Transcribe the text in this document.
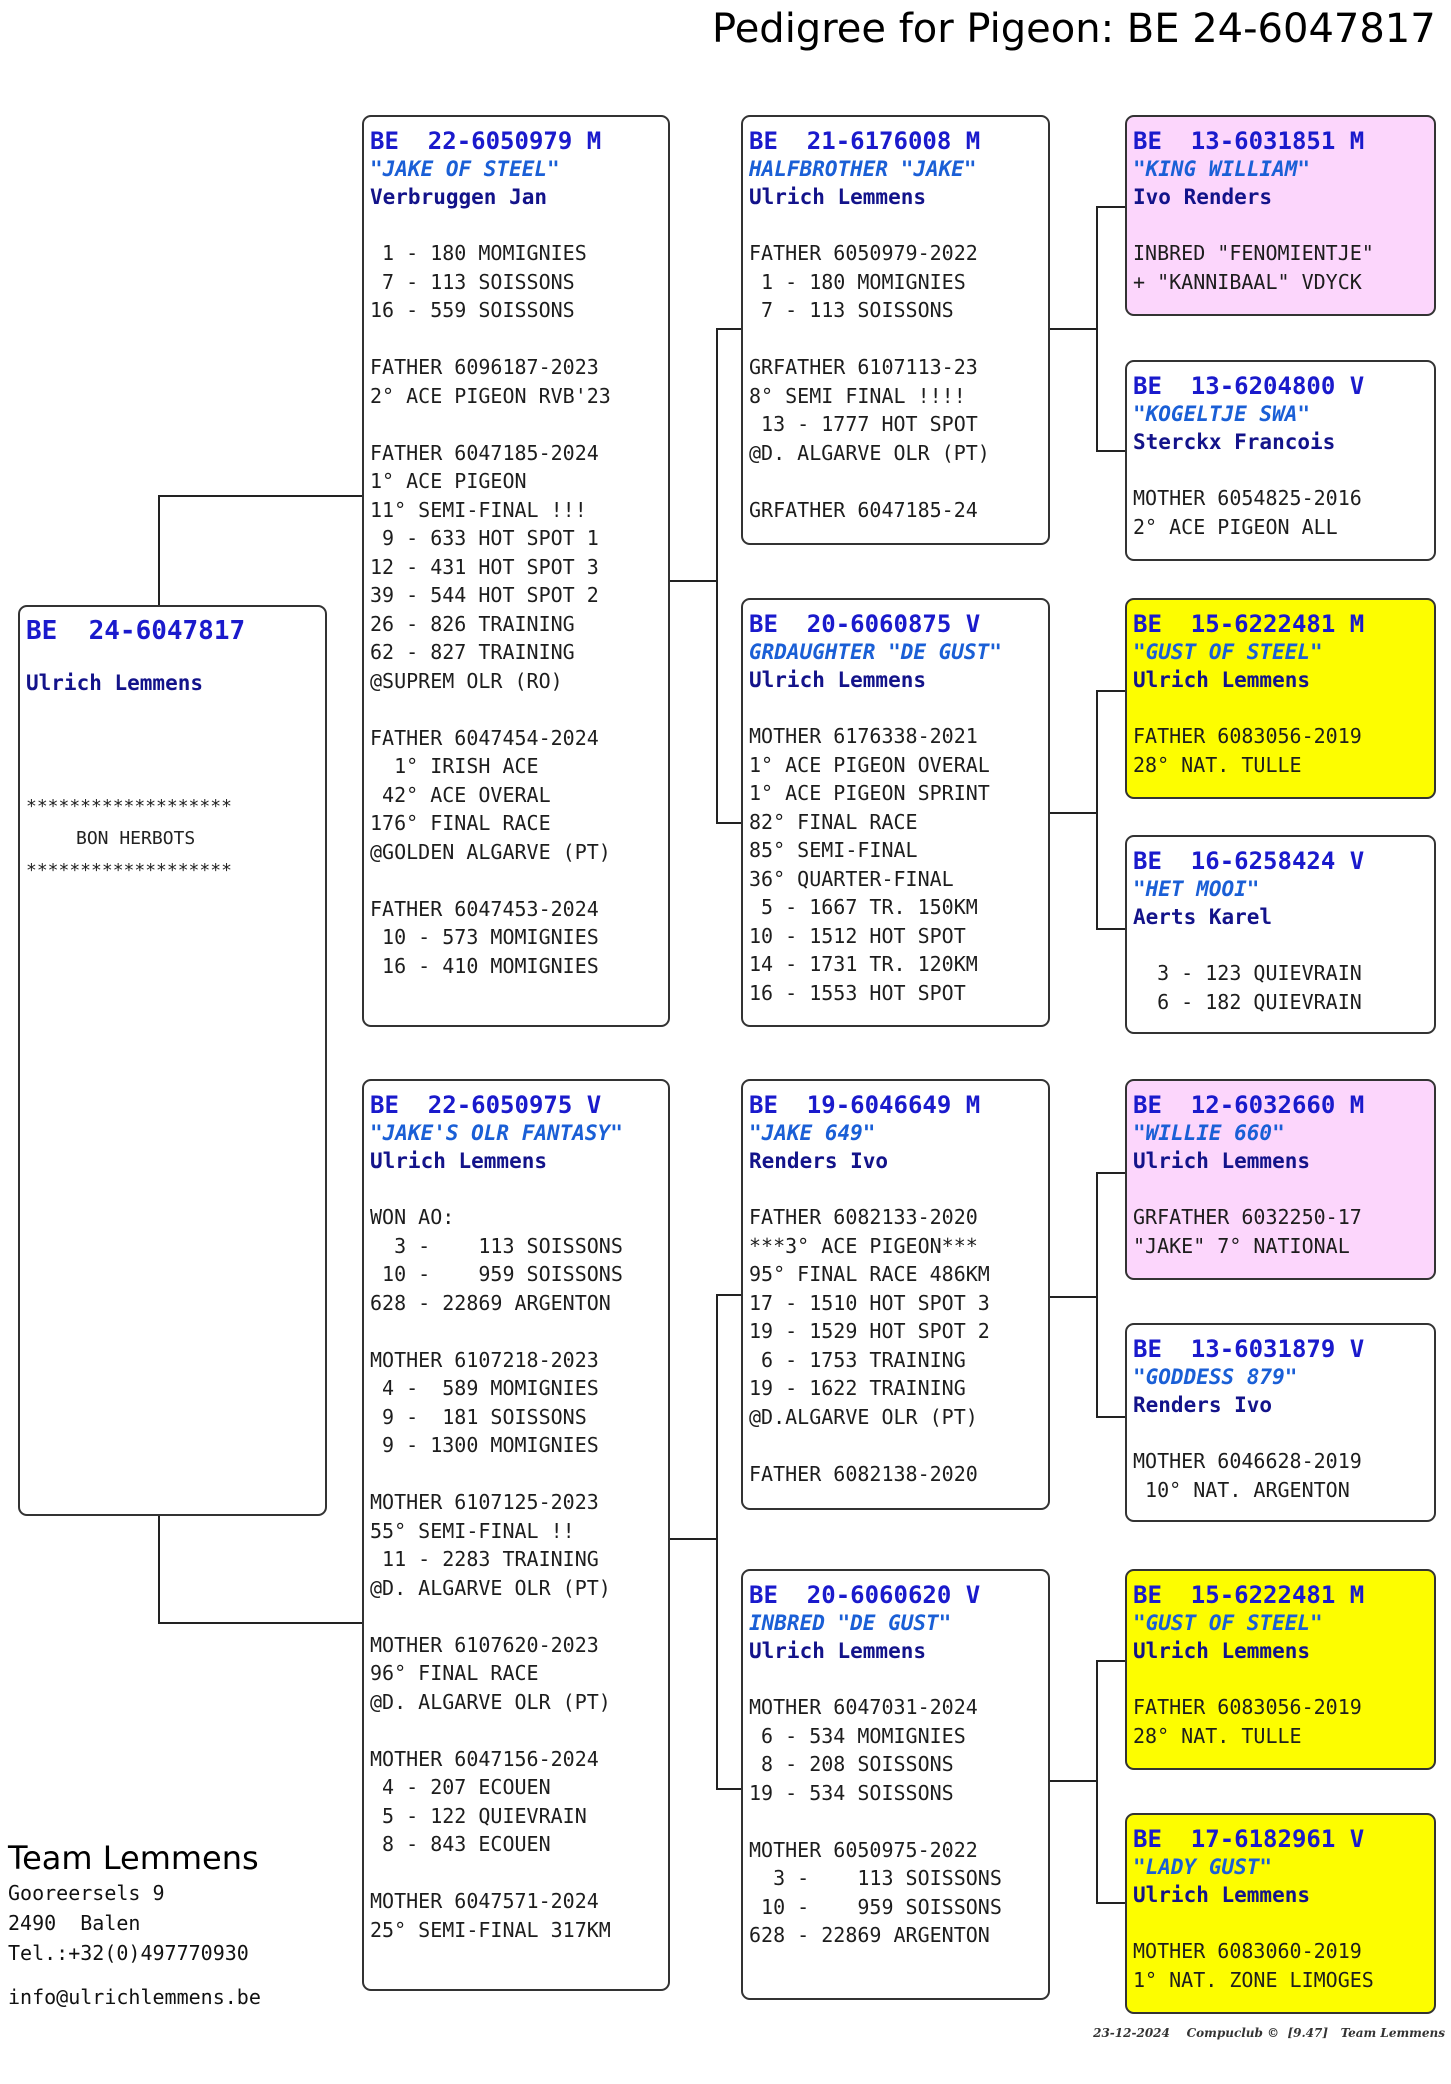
Pedigree for Pigeon: BE 24-6047817
BE  24-6047817
Ulrich Lemmens
*******************
BON HERBOTS
*******************
BE  22-6050979 M
"JAKE OF STEEL"
Verbruggen Jan
1 - 180 MOMIGNIES
7 - 113 SOISSONS
16 - 559 SOISSONS

FATHER 6096187-2023
2° ACE PIGEON RVB'23

FATHER 6047185-2024
1° ACE PIGEON
11° SEMI-FINAL !!!
9 - 633 HOT SPOT 1
12 - 431 HOT SPOT 3
39 - 544 HOT SPOT 2
26 - 826 TRAINING
62 - 827 TRAINING
@SUPREM OLR (RO)

FATHER 6047454-2024
1° IRISH ACE
42° ACE OVERAL
176° FINAL RACE
@GOLDEN ALGARVE (PT)

FATHER 6047453-2024
10 - 573 MOMIGNIES
16 - 410 MOMIGNIES
BE  22-6050975 V
"JAKE'S OLR FANTASY"
Ulrich Lemmens
WON AO:
3 -    113 SOISSONS
10 -    959 SOISSONS
628 - 22869 ARGENTON

MOTHER 6107218-2023
4 -  589 MOMIGNIES
9 -  181 SOISSONS
9 - 1300 MOMIGNIES

MOTHER 6107125-2023
55° SEMI-FINAL !!
11 - 2283 TRAINING
@D. ALGARVE OLR (PT)

MOTHER 6107620-2023
96° FINAL RACE
@D. ALGARVE OLR (PT)

MOTHER 6047156-2024
4 - 207 ECOUEN
5 - 122 QUIEVRAIN
8 - 843 ECOUEN

MOTHER 6047571-2024
25° SEMI-FINAL 317KM
BE  21-6176008 M
HALFBROTHER "JAKE"
Ulrich Lemmens
FATHER 6050979-2022
1 - 180 MOMIGNIES
7 - 113 SOISSONS

GRFATHER 6107113-23
8° SEMI FINAL !!!!
13 - 1777 HOT SPOT
@D. ALGARVE OLR (PT)

GRFATHER 6047185-24
BE  20-6060875 V
GRDAUGHTER "DE GUST"
Ulrich Lemmens
MOTHER 6176338-2021
1° ACE PIGEON OVERAL
1° ACE PIGEON SPRINT
82° FINAL RACE
85° SEMI-FINAL
36° QUARTER-FINAL
5 - 1667 TR. 150KM
10 - 1512 HOT SPOT
14 - 1731 TR. 120KM
16 - 1553 HOT SPOT
BE  19-6046649 M
"JAKE 649"
Renders Ivo
FATHER 6082133-2020
***3° ACE PIGEON***
95° FINAL RACE 486KM
17 - 1510 HOT SPOT 3
19 - 1529 HOT SPOT 2
6 - 1753 TRAINING
19 - 1622 TRAINING
@D.ALGARVE OLR (PT)

FATHER 6082138-2020
BE  20-6060620 V
INBRED "DE GUST"
Ulrich Lemmens
MOTHER 6047031-2024
6 - 534 MOMIGNIES
8 - 208 SOISSONS
19 - 534 SOISSONS

MOTHER 6050975-2022
3 -    113 SOISSONS
10 -    959 SOISSONS
628 - 22869 ARGENTON
BE  13-6031851 M
"KING WILLIAM"
Ivo Renders
INBRED "FENOMIENTJE"
+ "KANNIBAAL" VDYCK
BE  13-6204800 V
"KOGELTJE SWA"
Sterckx Francois
MOTHER 6054825-2016
2° ACE PIGEON ALL
BE  15-6222481 M
"GUST OF STEEL"
Ulrich Lemmens
FATHER 6083056-2019
28° NAT. TULLE
BE  16-6258424 V
"HET MOOI"
Aerts Karel
3 - 123 QUIEVRAIN
6 - 182 QUIEVRAIN
BE  12-6032660 M
"WILLIE 660"
Ulrich Lemmens
GRFATHER 6032250-17
"JAKE" 7° NATIONAL
BE  13-6031879 V
"GODDESS 879"
Renders Ivo
MOTHER 6046628-2019
10° NAT. ARGENTON
BE  15-6222481 M
"GUST OF STEEL"
Ulrich Lemmens
FATHER 6083056-2019
28° NAT. TULLE
BE  17-6182961 V
"LADY GUST"
Ulrich Lemmens
MOTHER 6083060-2019
1° NAT. ZONE LIMOGES
Team Lemmens
Gooreersels 9
2490  Balen
Tel.:+32(0)497770930
info@ulrichlemmens.be
23-12-2024    Compuclub ©  [9.47]   Team Lemmens
